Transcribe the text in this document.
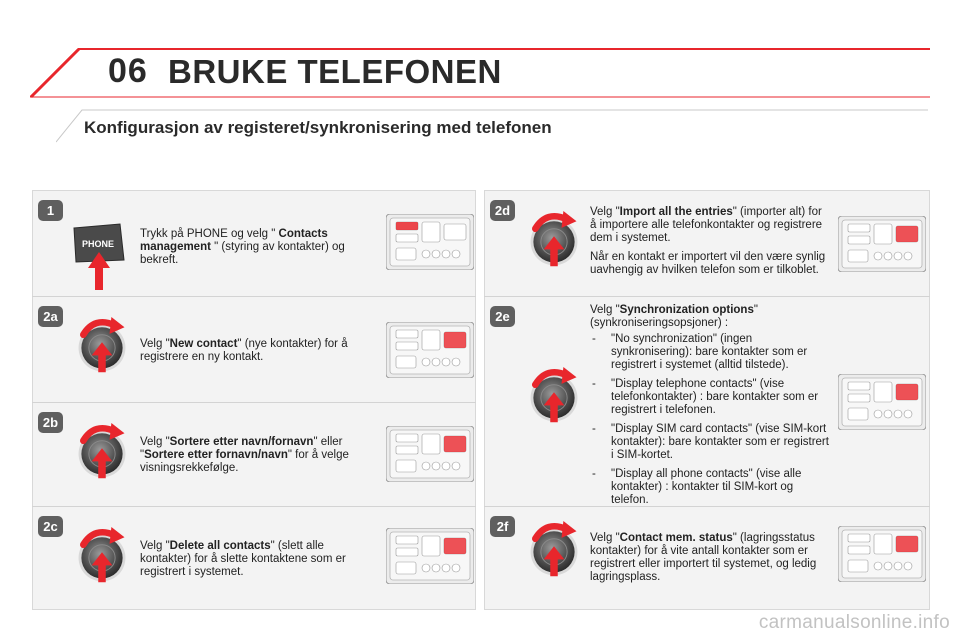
06 BRUKE TELEFONEN
Konfigurasjon av registeret/synkronisering med telefonen
1
PHONE
Trykk på PHONE og velg " Contacts management " (styring av kontakter) og bekreft.
2a
Velg "New contact" (nye kontakter) for å registrere en ny kontakt.
2b
Velg "Sortere etter navn/fornavn" eller "Sortere etter fornavn/navn" for å velge visningsrekkefølge.
2c
Velg "Delete all contacts" (slett alle kontakter) for å slette kontaktene som er registrert i systemet.
2d	Velg "Import all the entries" (importer alt) for å importere alle telefonkontakter og registrere dem i systemet.

Når en kontakt er importert vil den være synlig uavhengig av hvilken telefon som er tilkoblet.

2e	Velg "Synchronization options" (synkroniseringsopsjoner) :
- "No synchronization" (ingen synkronisering): bare kontakter som er registrert i systemet (alltid tilstede).
- "Display telephone contacts" (vise telefonkontakter) : bare kontakter som er registrert i telefonen.
- "Display SIM card contacts" (vise SIM-kort kontakter): bare kontakter som er registrert i SIM-kortet.
- "Display all phone contacts" (vise alle kontakter) : kontakter til SIM-kort og telefon.
2f
Velg "Contact mem. status" (lagringsstatus kontakter) for å vite antall kontakter som er registrert eller importert til systemet, og ledig lagringsplass.
carmanualsonline.info
